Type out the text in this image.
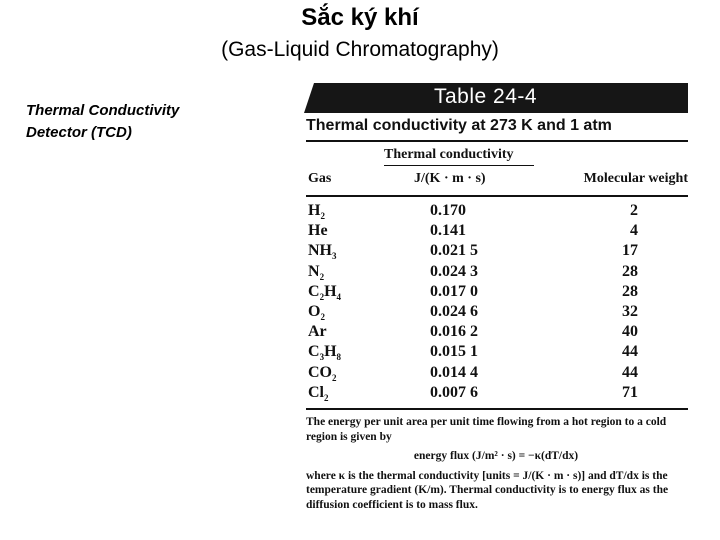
Sắc ký khí
(Gas-Liquid Chromatography)
Thermal Conductivity
Detector (TCD)
Table 24-4
Thermal conductivity at 273 K and 1 atm
Thermal conductivity
Gas	J/(K · m · s)	Molecular weight
$H_2$	0.170	2
He	0.141	4
$NH_3$	0.021 5	17
$N_2$	0.024 3	28
$C_2H_4$	0.017 0	28
$O_2$	0.024 6	32
Ar	0.016 2	40
$C_3H_8$	0.015 1	44
$CO_2$	0.014 4	44
$Cl_2$	0.007 6	71

The energy per unit area per unit time flowing from a hot region to a cold region is given by

energy flux (J/m² · s) = −κ(dT/dx)

where κ is the thermal conductivity [units = J/(K · m · s)] and dT/dx is the temperature gradient (K/m). Thermal conductivity is to energy flux as the diffusion coefficient is to mass flux.
